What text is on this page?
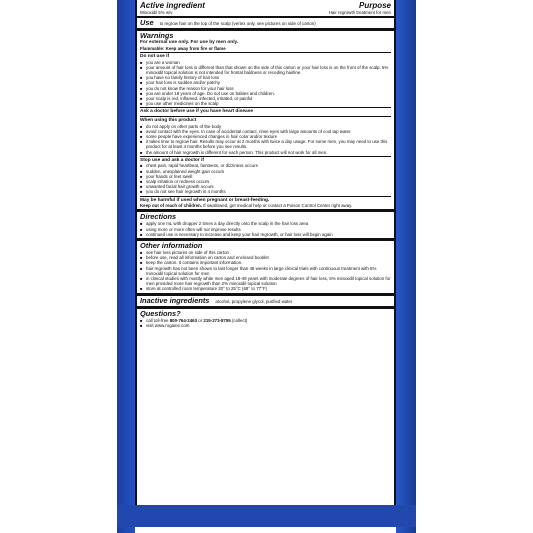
Active ingredient	Purpose
Minoxidil 5% w/v	Hair regrowth treatment for men
Use to regrow hair on the top of the scalp (vertex only, see pictures on side of carton)
Warnings
For external use only. For use by men only.
Flammable: Keep away from fire or flame
Do not use if
■ you are a woman
■ your amount of hair loss is different than that shown on the side of this carton or your hair loss is on the front of the scalp. 5% minoxidil topical solution is not intended for frontal baldness or receding hairline.
■ you have no family history of hair loss
■ your hair loss is sudden and/or patchy
■ you do not know the reason for your hair loss
■ you are under 18 years of age. Do not use on babies and children.
■ your scalp is red, inflamed, infected, irritated, or painful
■ you use other medicines on the scalp
Ask a doctor before use if you have heart disease
When using this product
■ do not apply on other parts of the body
■ avoid contact with the eyes. In case of accidental contact, rinse eyes with large amounts of cool tap water.
■ some people have experienced changes in hair color and/or texture
■ it takes time to regrow hair. Results may occur at 2 months with twice a day usage. For some men, you may need to use this product for at least 4 months before you see results.
■ the amount of hair regrowth is different for each person. This product will not work for all men.
Stop use and ask a doctor if
■ chest pain, rapid heartbeat, faintness, or dizziness occurs
■ sudden, unexplained weight gain occurs
■ your hands or feet swell
■ scalp irritation or redness occurs
■ unwanted facial hair growth occurs
■ you do not see hair regrowth in 4 months
May be harmful if used when pregnant or breast-feeding.
Keep out of reach of children. If swallowed, get medical help or contact a Poison Control Center right away.
Directions
■ apply one mL with dropper 2 times a day directly onto the scalp in the hair loss area
■ using more or more often will not improve results
■ continued use is necessary to increase and keep your hair regrowth, or hair loss will begin again
Other information
■ see hair loss pictures on side of this carton
■ before use, read all information on carton and enclosed booklet
■ keep the carton. It contains important information.
■ hair regrowth has not been shown to last longer than 48 weeks in large clinical trials with continuous treatment with 5% minoxidil topical solution for men
■ in clinical studies with mostly white men aged 18-49 years with moderate degrees of hair loss, 5% minoxidil topical solution for men provided more hair regrowth than 2% minoxidil topical solution
■ store at controlled room temperature 20° to 25°C (68° to 77°F)
Inactive ingredients alcohol, propylene glycol, purified water
Questions?
■ call toll-free 800-764-2463 or 215-273-8755 (collect)
■ visit www.rogaine.com
